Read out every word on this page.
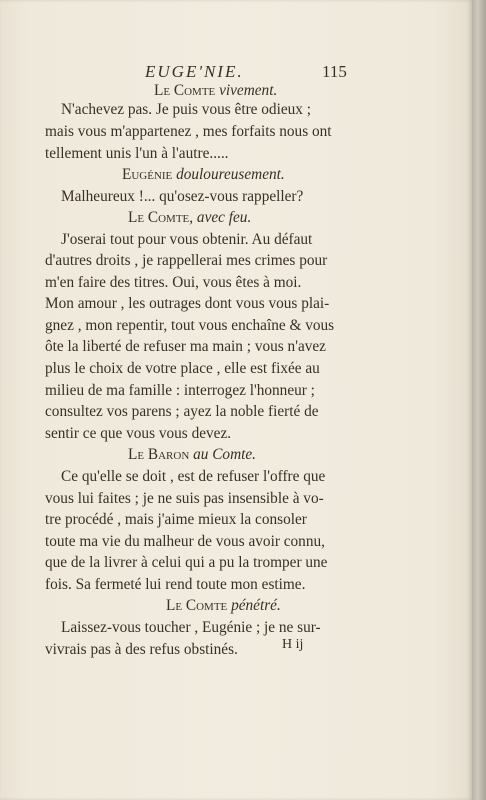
EUGE'NIE.	115
Le Comte vivement.
N'achevez pas. Je puis vous être odieux ;
mais vous m'appartenez , mes forfaits nous ont
tellement unis l'un à l'autre.....
Eugénie douloureusement.
Malheureux !... qu'osez-vous rappeller?
Le Comte, avec feu.
J'oserai tout pour vous obtenir. Au défaut
d'autres droits , je rappellerai mes crimes pour
m'en faire des titres. Oui, vous êtes à moi.
Mon amour , les outrages dont vous vous plai-
gnez , mon repentir, tout vous enchaîne & vous
ôte la liberté de refuser ma main ; vous n'avez
plus le choix de votre place , elle est fixée au
milieu de ma famille : interrogez l'honneur ;
consultez vos parens ; ayez la noble fierté de
sentir ce que vous vous devez.
Le Baron au Comte.
Ce qu'elle se doit , est de refuser l'offre que
vous lui faites ; je ne suis pas insensible à vo-
tre procédé , mais j'aime mieux la consoler
toute ma vie du malheur de vous avoir connu,
que de la livrer à celui qui a pu la tromper une
fois. Sa fermeté lui rend toute mon estime.
Le Comte pénétré.
Laissez-vous toucher , Eugénie ; je ne sur-
vivrais pas à des refus obstinés.	H ij
